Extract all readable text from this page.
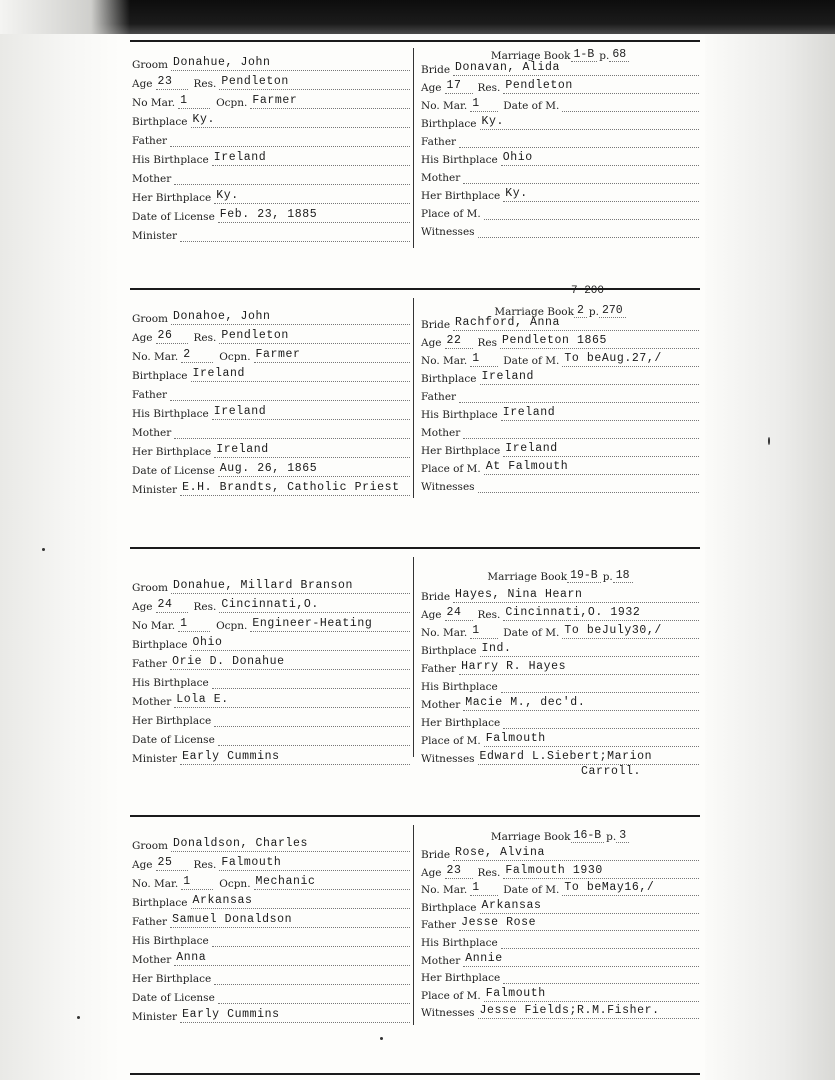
Groom Donahue, John
Age 23	Res. Pendleton
No Mar. 1	Ocpn. Farmer
Birthplace Ky.
Father
His Birthplace Ireland
Mother
Her Birthplace Ky.
Date of License Feb. 23, 1885
Minister
Marriage Book 1-B p. 68
Bride Donavan, Alida
Age 17	Res. Pendleton
No. Mar. 1	Date of M.
Birthplace Ky.
Father
His Birthplace Ohio
Mother
Her Birthplace Ky.
Place of M.
Witnesses
Groom Donahoe, John
Age 26	Res. Pendleton
No. Mar. 2	Ocpn. Farmer
Birthplace Ireland
Father
His Birthplace Ireland
Mother
Her Birthplace Ireland
Date of License Aug. 26, 1865
Minister E.H. Brandts, Catholic Priest
7 200
Marriage Book 2 p. 270
Bride Rachford, Anna
Age 22	Res Pendleton 1865
No. Mar. 1	Date of M. To beAug.27,/
Birthplace Ireland
Father
His Birthplace Ireland
Mother
Her Birthplace Ireland
Place of M. At Falmouth
Witnesses
Groom Donahue, Millard Branson
Age 24	Res. Cincinnati,O.
No Mar. 1	Ocpn. Engineer-Heating
Birthplace Ohio
Father Orie D. Donahue
His Birthplace
Mother Lola E.
Her Birthplace
Date of License
Minister Early Cummins
Marriage Book 19-B p. 18
Bride Hayes, Nina Hearn
Age 24	Res. Cincinnati,O. 1932
No. Mar. 1	Date of M. To beJuly30,/
Birthplace Ind.
Father Harry R. Hayes
His Birthplace
Mother Macie M., dec'd.
Her Birthplace
Place of M. Falmouth
Witnesses Edward L.Siebert;Marion
Carroll.
Groom Donaldson, Charles
Age 25	Res. Falmouth
No. Mar. 1	Ocpn. Mechanic
Birthplace Arkansas
Father Samuel Donaldson
His Birthplace
Mother Anna
Her Birthplace
Date of License
Minister Early Cummins
Marriage Book 16-B p. 3
Bride Rose, Alvina
Age 23	Res. Falmouth 1930
No. Mar. 1	Date of M. To beMay16,/
Birthplace Arkansas
Father Jesse Rose
His Birthplace
Mother Annie
Her Birthplace
Place of M. Falmouth
Witnesses Jesse Fields;R.M.Fisher.
